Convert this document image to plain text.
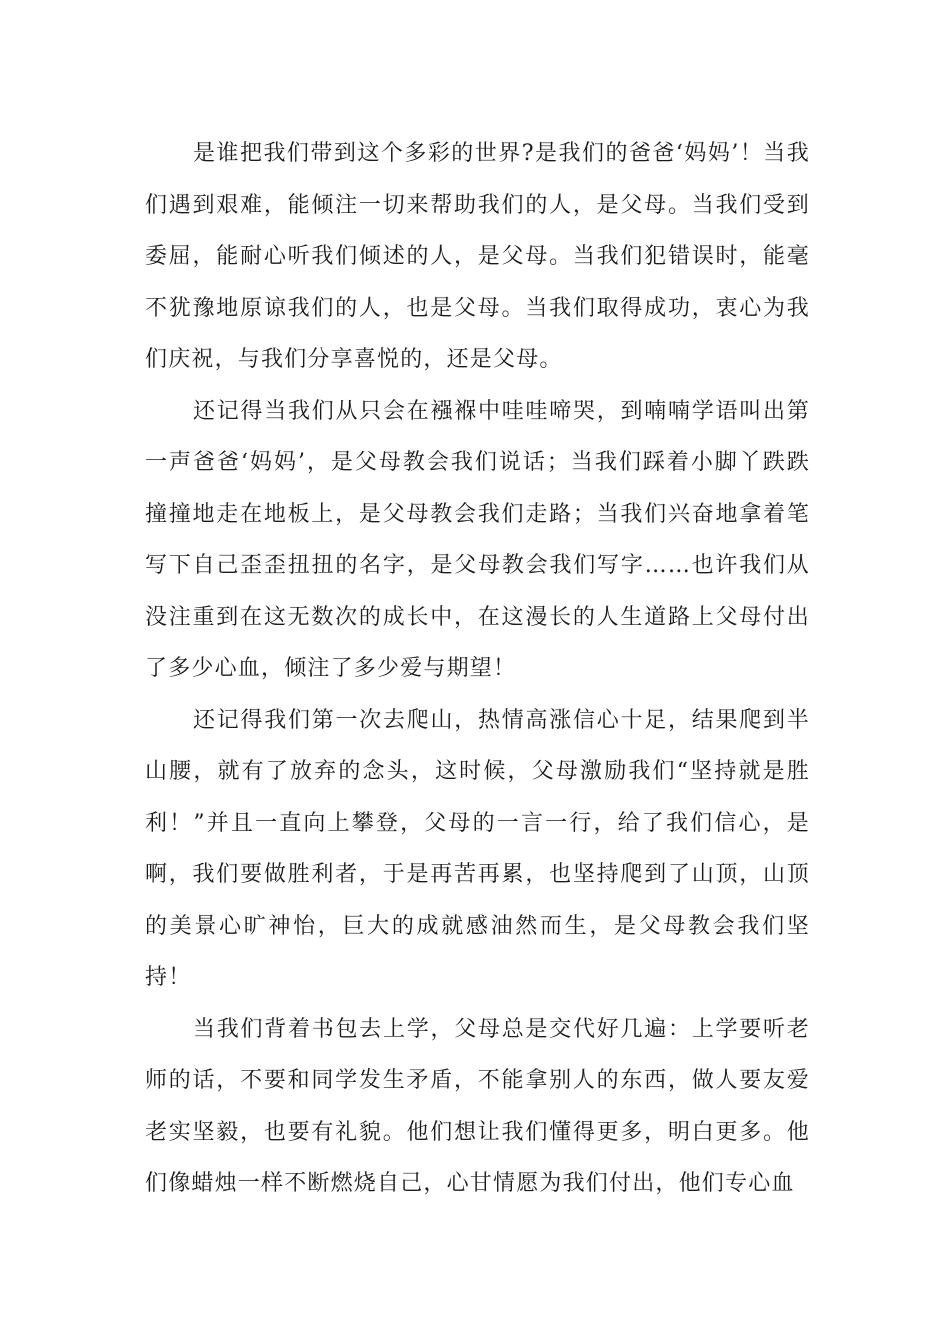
是谁把我们带到这个多彩的世界?是我们的爸爸‘妈妈’！当我们遇到艰难，能倾注一切来帮助我们的人，是父母。当我们受到委屈，能耐心听我们倾述的人，是父母。当我们犯错误时，能毫不犹豫地原谅我们的人，也是父母。当我们取得成功，衷心为我们庆祝，与我们分享喜悦的，还是父母。

还记得当我们从只会在襁褓中哇哇啼哭，到喃喃学语叫出第一声爸爸‘妈妈’，是父母教会我们说话；当我们踩着小脚丫跌跌撞撞地走在地板上，是父母教会我们走路；当我们兴奋地拿着笔写下自己歪歪扭扭的名字，是父母教会我们写字……也许我们从没注重到在这无数次的成长中，在这漫长的人生道路上父母付出了多少心血，倾注了多少爱与期望！

还记得我们第一次去爬山，热情高涨信心十足，结果爬到半山腰，就有了放弃的念头，这时候，父母激励我们“坚持就是胜利！”并且一直向上攀登，父母的一言一行，给了我们信心，是啊，我们要做胜利者，于是再苦再累，也坚持爬到了山顶，山顶的美景心旷神怡，巨大的成就感油然而生，是父母教会我们坚持！

当我们背着书包去上学，父母总是交代好几遍：上学要听老师的话，不要和同学发生矛盾，不能拿别人的东西，做人要友爱老实坚毅，也要有礼貌。他们想让我们懂得更多，明白更多。他们像蜡烛一样不断燃烧自己，心甘情愿为我们付出，他们专心血
